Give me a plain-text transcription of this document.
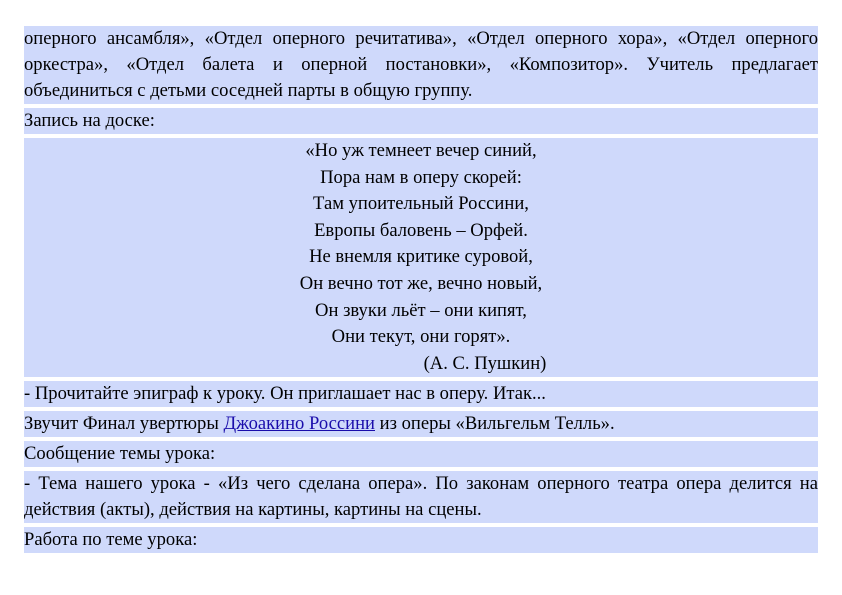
оперного ансамбля», «Отдел оперного речитатива», «Отдел оперного хора», «Отдел оперного оркестра», «Отдел балета и оперной постановки», «Композитор». Учитель предлагает объединиться с детьми соседней парты в общую группу.
Запись на доске:
«Но уж темнеет вечер синий,
Пора нам в оперу скорей:
Там упоительный Россини,
Европы баловень – Орфей.
Не внемля критике суровой,
Он вечно тот же, вечно новый,
Он звуки льёт – они кипят,
Они текут, они горят».
(А. С. Пушкин)
- Прочитайте эпиграф к уроку. Он приглашает нас в оперу. Итак...
Звучит Финал увертюры Джоакино Россини из оперы «Вильгельм Телль».
Сообщение темы урока:
- Тема нашего урока - «Из чего сделана опера». По законам оперного театра опера делится на действия (акты), действия на картины, картины на сцены.
Работа по теме урока:
